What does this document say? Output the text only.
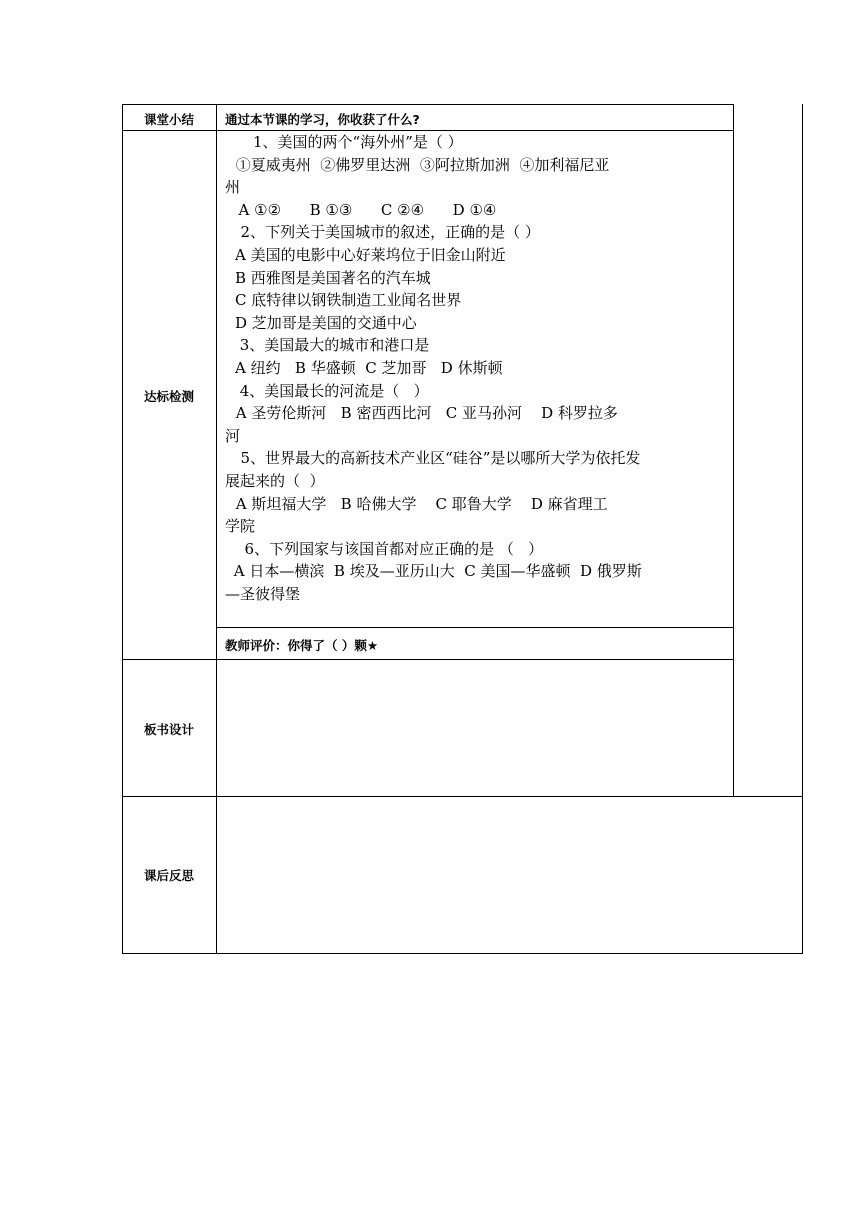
课堂小结
达标检测
板书设计
课后反思
通过本节课的学习，你收获了什么?
1、美国的两个“海外州”是（ ）
①夏威夷州  ②佛罗里达洲  ③阿拉斯加洲  ④加利福尼亚
州
A ①②      B ①③      C ②④      D ①④
2、下列关于美国城市的叙述，正确的是（ ）
A 美国的电影中心好莱坞位于旧金山附近
B 西雅图是美国著名的汽车城
C 底特律以钢铁制造工业闻名世界
D 芝加哥是美国的交通中心
3、美国最大的城市和港口是
A 纽约   B 华盛顿  C 芝加哥   D 休斯顿
4、美国最长的河流是（   ）
A 圣劳伦斯河   B 密西西比河   C 亚马孙河    D 科罗拉多
河
5、世界最大的高新技术产业区“硅谷”是以哪所大学为依托发
展起来的（  ）
A 斯坦福大学   B 哈佛大学    C 耶鲁大学    D 麻省理工
学院
6、下列国家与该国首都对应正确的是 （   ）
A 日本—横滨  B 埃及—亚历山大  C 美国—华盛顿  D 俄罗斯
—圣彼得堡
教师评价：你得了（ ）颗★
